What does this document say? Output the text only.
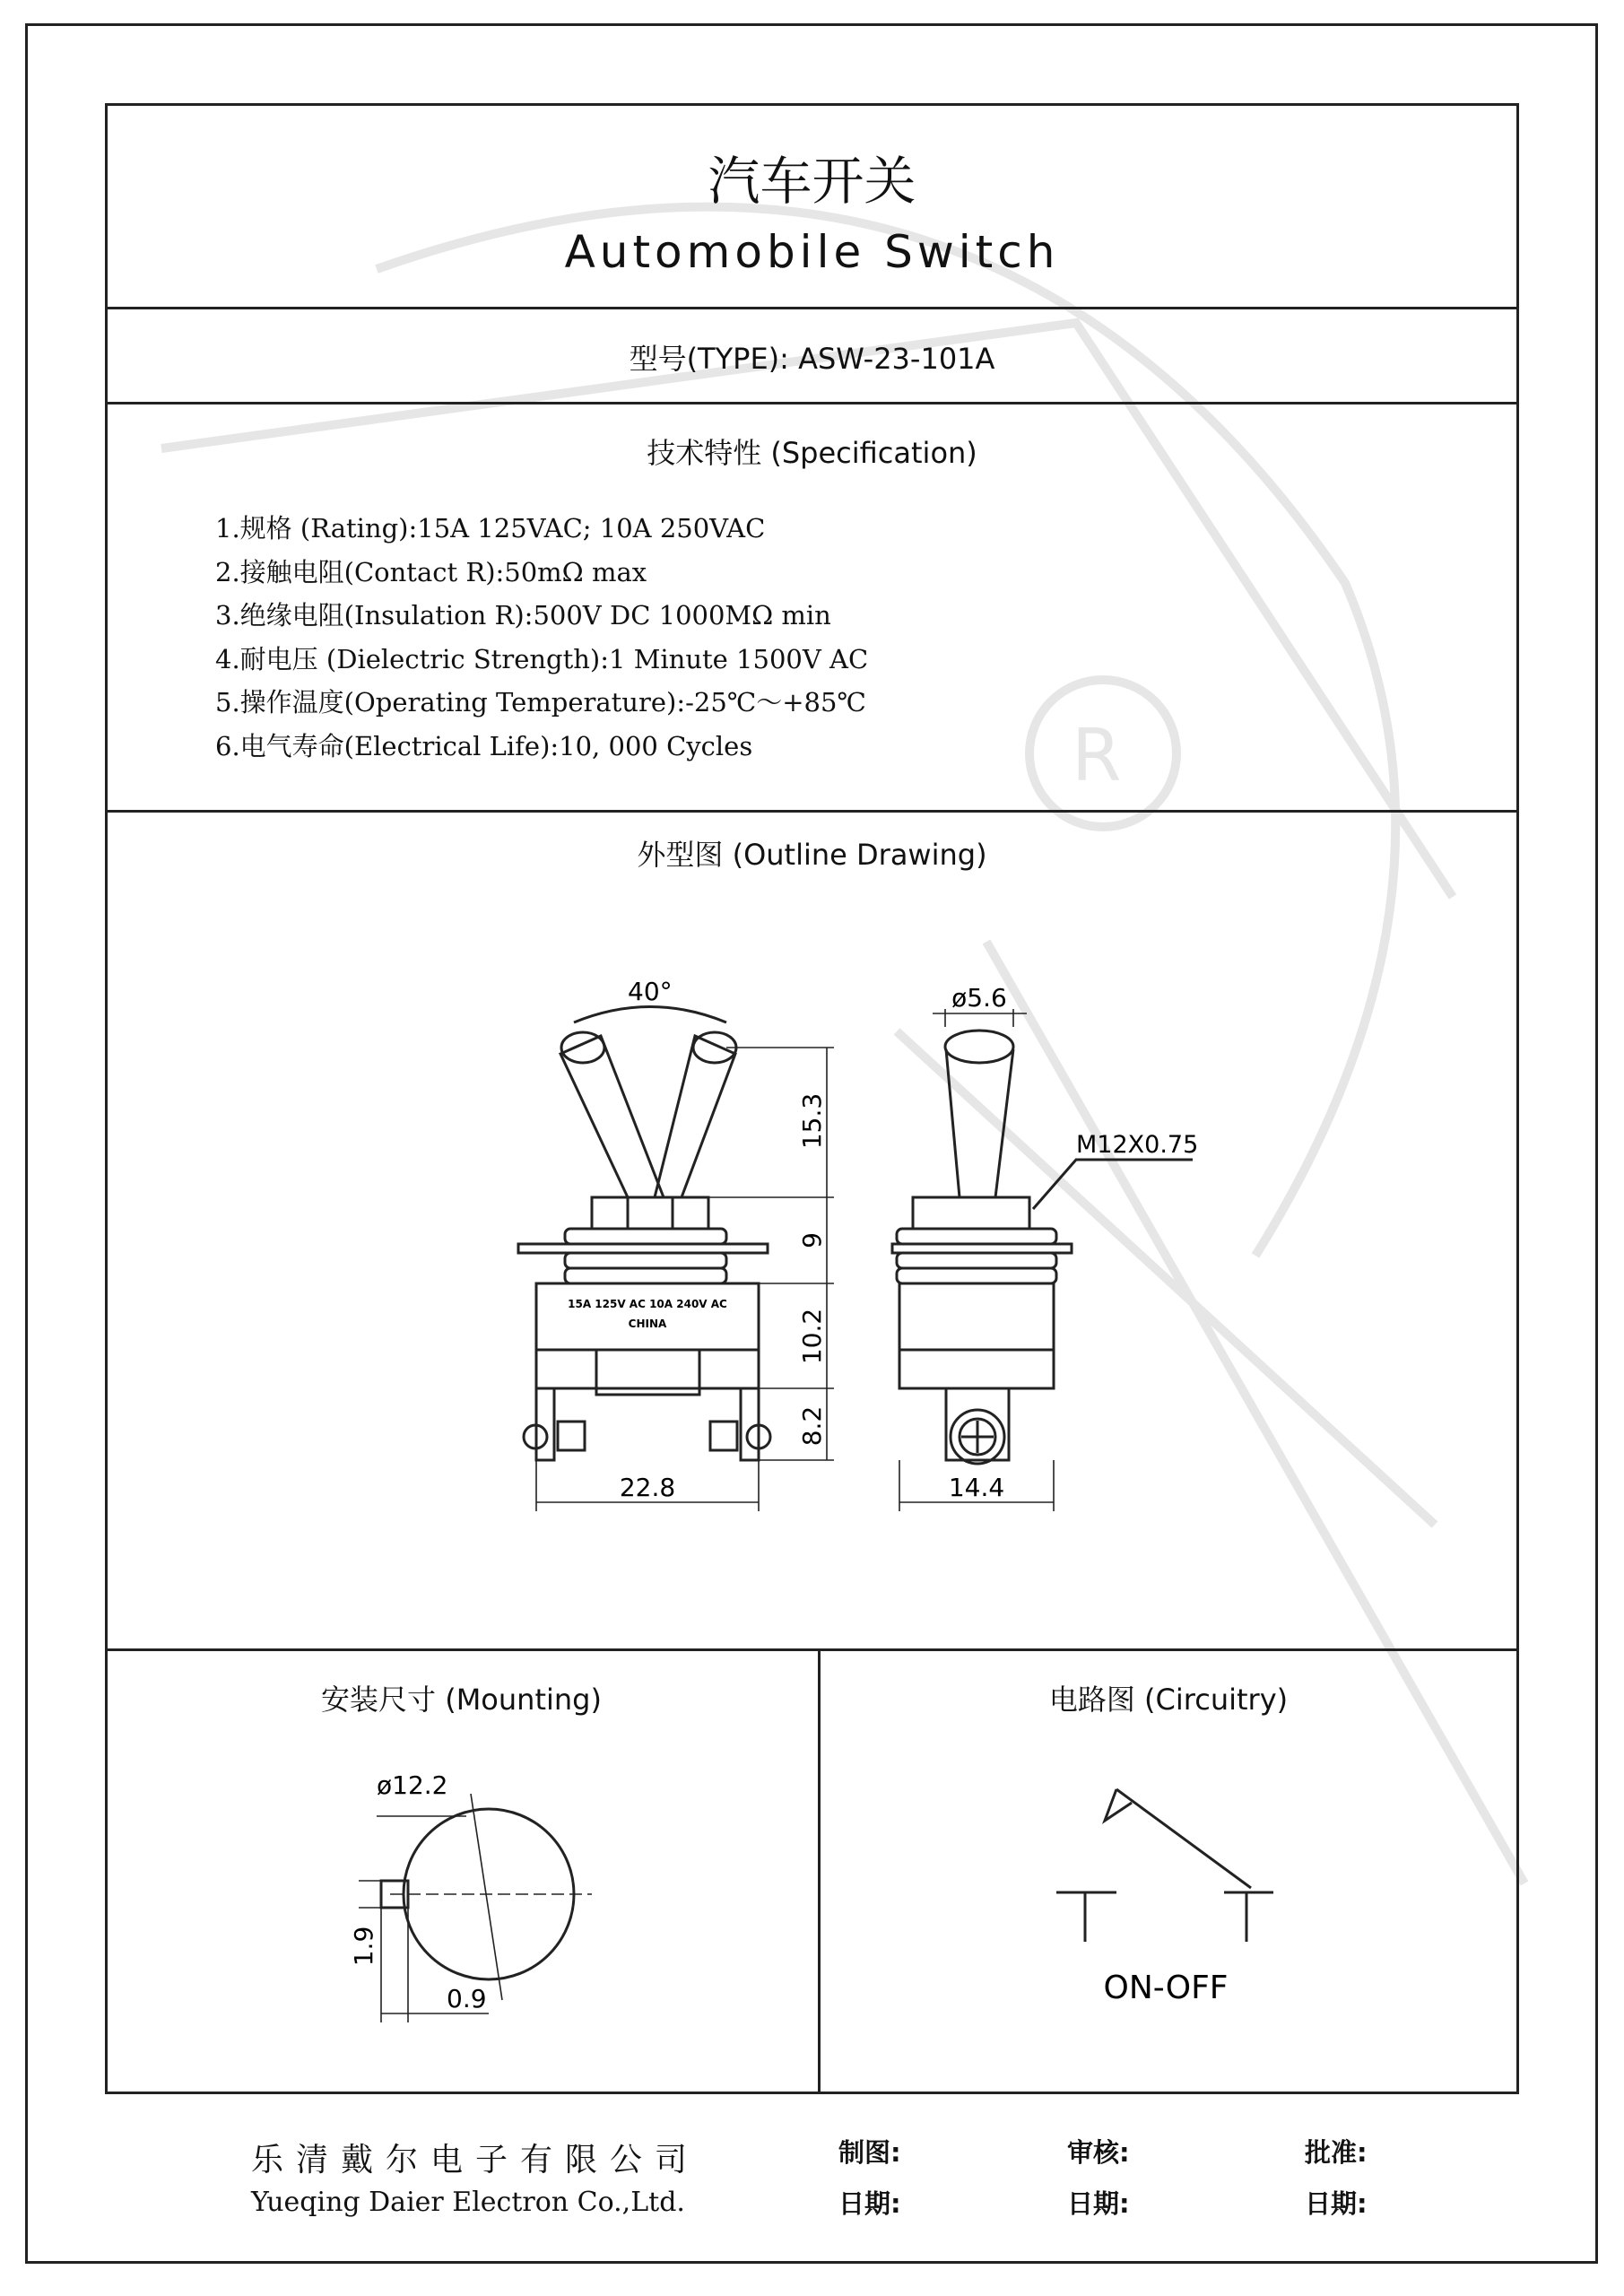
R
汽车开关
Automobile Switch
型号(TYPE): ASW-23-101A
技术特性 (Specification)
1.规格 (Rating):15A 125VAC; 10A 250VAC
2.接触电阻(Contact R):50mΩ max
3.绝缘电阻(Insulation R):500V DC 1000MΩ min
4.耐电压 (Dielectric Strength):1 Minute 1500V AC
5.操作温度(Operating Temperature):-25℃～+85℃
6.电气寿命(Electrical Life):10, 000 Cycles
外型图 (Outline Drawing)
40°
15.3
9
10.2
8.2
22.8
ø5.6
M12X0.75
14.4
15A 125V AC 10A 240V AC
CHINA
安装尺寸 (Mounting)
ø12.2
1.9
0.9
电路图 (Circuitry)
ON-OFF
乐清戴尔电子有限公司
Yueqing Daier Electron Co.,Ltd.
制图:	审核:	批准:
日期:	日期:	日期:
